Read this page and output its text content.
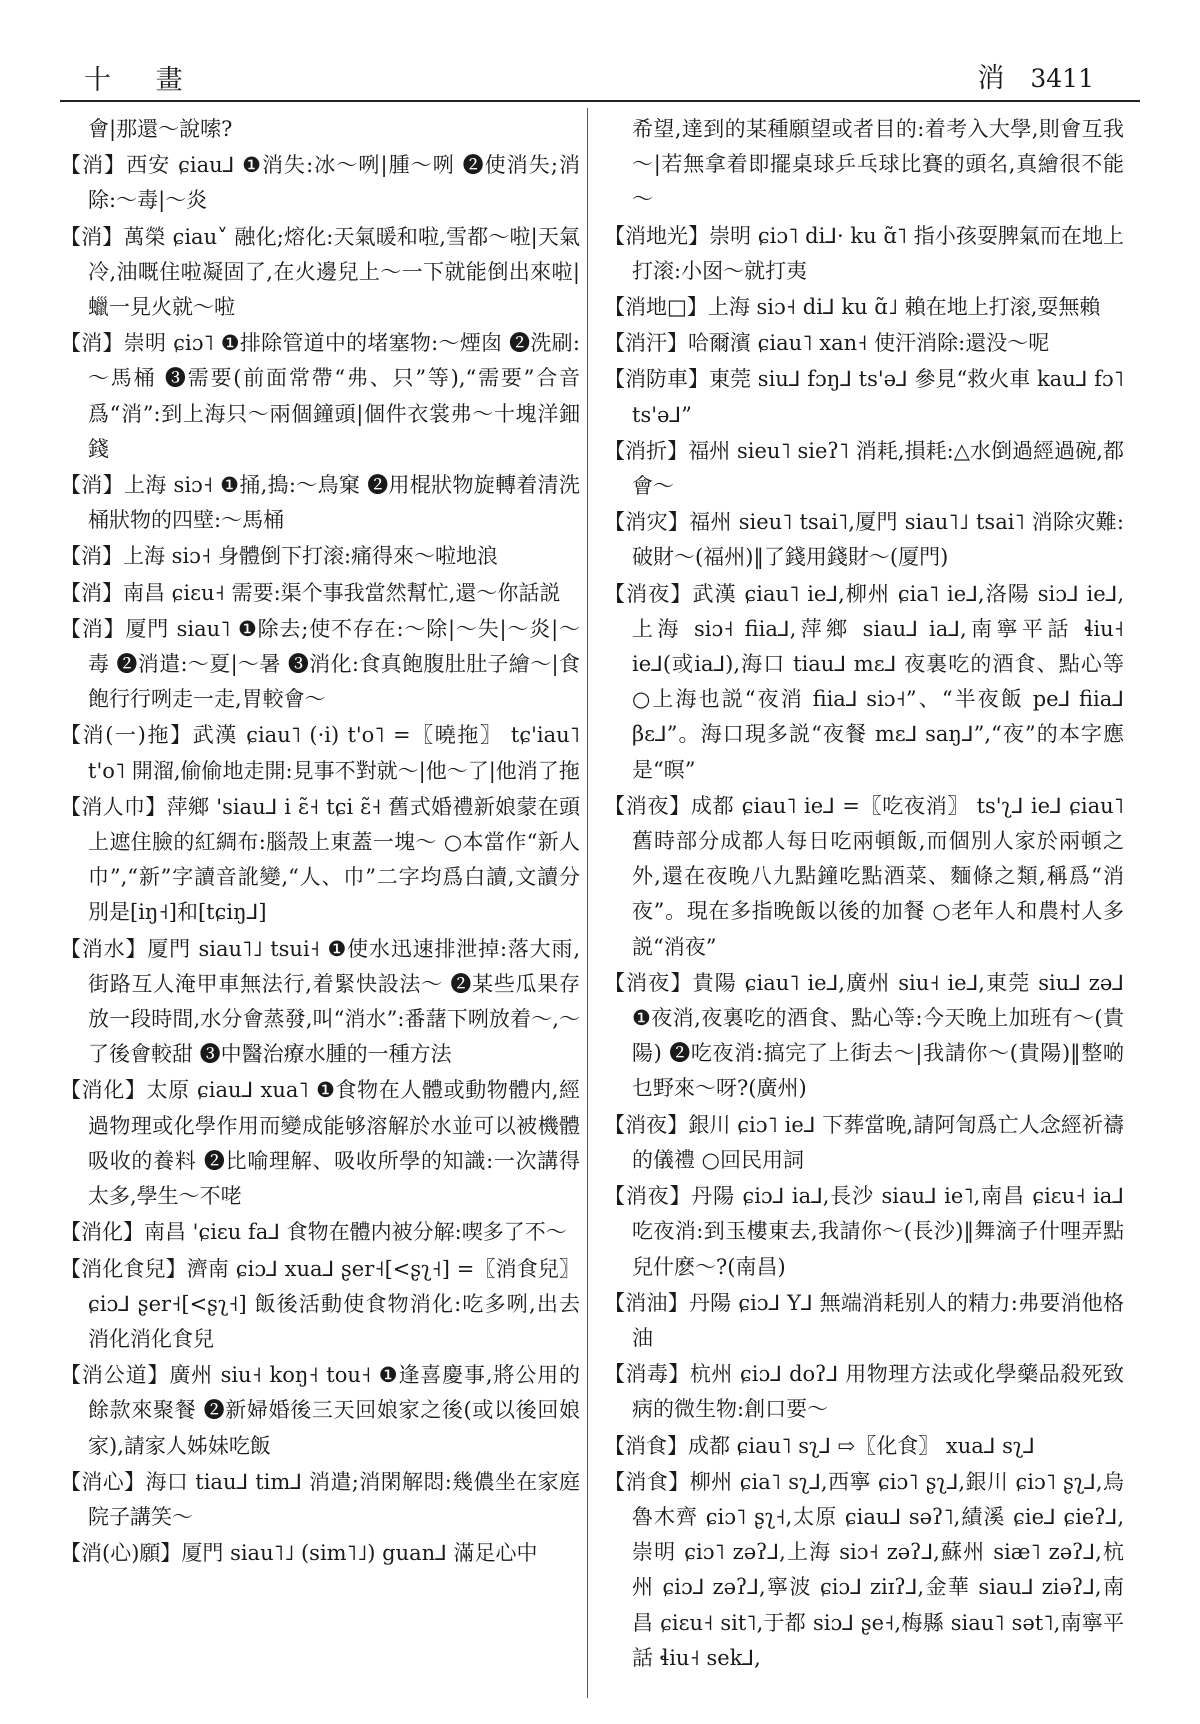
十 畫	消 3411
會|那還～說嗦?
【消】西安 ɕiau⅃ ❶消失:冰～咧|腫～咧 ❷使消失;消除:～毒|～炎
【消】萬榮 ɕiau˅ 融化;熔化:天氣暖和啦,雪都～啦|天氣冷,油嘅住啦凝固了,在火邊兒上～一下就能倒出來啦|蠟一見火就～啦
【消】崇明 ɕiɔ˥ ❶排除管道中的堵塞物:～煙囱 ❷洗刷:～馬桶 ❸需要(前面常帶“弗、只”等),“需要”合音爲“消”:到上海只～兩個鐘頭|個件衣裳弗～十塊洋鈿錢
【消】上海 siɔ˧ ❶捅,搗:～鳥窠 ❷用棍狀物旋轉着清洗桶狀物的四壁:～馬桶
【消】上海 siɔ˧ 身體倒下打滚:痛得來～啦地浪
【消】南昌 ɕiɛu˧ 需要:渠个事我當然幫忙,還～你話説
【消】厦門 siau˥ ❶除去;使不存在:～除|～失|～炎|～毒 ❷消遣:～夏|～暑 ❸消化:食真飽腹肚肚子繪～|食飽行行咧走一走,胃較會～
【消(一)拖】武漢 ɕiau˥ (·i) t'o˥ =〖曉拖〗 tɕ'iau˥ t'o˥ 開溜,偷偷地走開:見事不對就～|他～了|他消了拖
【消人巾】萍鄉 'siau⅃ i ɛ̃˧ tɕi ɛ̃˧ 舊式婚禮新娘蒙在頭上遮住臉的紅綢布:腦殼上東蓋一塊～ ○本當作“新人巾”,“新”字讀音訛變,“人、巾”二字均爲白讀,文讀分別是[iŋ˧]和[tɕiŋ⅃]
【消水】厦門 siau˥˩ tsui˧ ❶使水迅速排泄掉:落大雨,街路互人淹甲車無法行,着緊快設法～ ❷某些瓜果存放一段時間,水分會蒸發,叫“消水”:番藷下咧放着～,～了後會較甜 ❸中醫治療水腫的一種方法
【消化】太原 ɕiau⅃ xua˥ ❶食物在人體或動物體内,經過物理或化學作用而變成能够溶解於水並可以被機體吸收的養料 ❷比喻理解、吸收所學的知識:一次講得太多,學生～不咾
【消化】南昌 'ɕiɛu fa⅃ 食物在體内被分解:喫多了不～
【消化食兒】濟南 ɕiɔ⅃ xua⅃ ʂer˧[<ʂʅ˧] =〖消食兒〗 ɕiɔ⅃ ʂer˧[<ʂʅ˧] 飯後活動使食物消化:吃多咧,出去消化消化食兒
【消公道】廣州 siu˧ koŋ˧ tou˧ ❶逢喜慶事,將公用的餘款來聚餐 ❷新婦婚後三天回娘家之後(或以後回娘家),請家人姊妹吃飯
【消心】海口 tiau⅃ tim⅃ 消遣;消閑解悶:幾儂坐在家庭院子講笑～
【消(心)願】厦門 siau˥˩ (sim˥˩) guan⅃ 滿足心中
希望,達到的某種願望或者目的:着考入大學,則會互我～|若無拿着即擺桌球乒乓球比賽的頭名,真繪很不能～
【消地光】崇明 ɕiɔ˥ di⅃· ku ɑ̃˥ 指小孩耍脾氣而在地上打滚:小囡～就打夷
【消地□】上海 siɔ˧ di⅃ ku ɑ̃˩ 賴在地上打滚,耍無賴
【消汗】哈爾濱 ɕiau˥ xan˧ 使汗消除:還没～呢
【消防車】東莞 siu⅃ fɔŋ⅃ ts'ə⅃ 參見“救火車 kau⅃ fɔ˥ ts'ə⅃”
【消折】福州 sieu˥ sieʔ˥ 消耗,損耗:△水倒過經過碗,都會～
【消灾】福州 sieu˥ tsai˥,厦門 siau˥˩ tsai˥ 消除灾難:破財～(福州)‖了錢用錢財～(厦門)
【消夜】武漢 ɕiau˥ ie⅃,柳州 ɕia˥ ie⅃,洛陽 siɔ⅃ ie⅃,上海 siɔ˧ fiia⅃,萍鄉 siau⅃ ia⅃,南寧平話 ɬiu˧ ie⅃(或ia⅃),海口 tiau⅃ mɛ⅃ 夜裏吃的酒食、點心等 ○上海也説“夜消 fiia⅃ siɔ˧”、“半夜飯 pe⅃ fiia⅃ βɛ⅃”。海口現多説“夜餐 mɛ⅃ saŋ⅃”,“夜”的本字應是“暝”
【消夜】成都 ɕiau˥ ie⅃ =〖吃夜消〗 ts'ʅ⅃ ie⅃ ɕiau˥ 舊時部分成都人每日吃兩頓飯,而個別人家於兩頓之外,還在夜晚八九點鐘吃點酒菜、麵條之類,稱爲“消夜”。現在多指晚飯以後的加餐 ○老年人和農村人多説“消夜”
【消夜】貴陽 ɕiau˥ ie⅃,廣州 siu˧ ie⅃,東莞 siu⅃ zə⅃ ❶夜消,夜裏吃的酒食、點心等:今天晚上加班有～(貴陽) ❷吃夜消:搞完了上街去～|我請你～(貴陽)‖整啲乜野來～呀?(廣州)
【消夜】銀川 ɕiɔ˥ ie⅃ 下葬當晚,請阿訇爲亡人念經祈禱的儀禮 ○回民用詞
【消夜】丹陽 ɕiɔ⅃ ia⅃,長沙 siau⅃ ie˥,南昌 ɕiɛu˧ ia⅃ 吃夜消:到玉樓東去,我請你～(長沙)‖舞滴子什哩弄點兒什麽～?(南昌)
【消油】丹陽 ɕiɔ⅃ Y⅃ 無端消耗别人的精力:弗要消他格油
【消毒】杭州 ɕiɔ⅃ doʔ⅃ 用物理方法或化學藥品殺死致病的微生物:創口要～
【消食】成都 ɕiau˥ sʅ⅃ ⇨〖化食〗 xua⅃ sʅ⅃
【消食】柳州 ɕia˥ sʅ⅃,西寧 ɕiɔ˥ ʂʅ⅃,銀川 ɕiɔ˥ ʂʅ⅃,烏魯木齊 ɕiɔ˥ ʂʅ˧,太原 ɕiau⅃ səʔ˥,績溪 ɕie⅃ ɕieʔ⅃,崇明 ɕiɔ˥ zəʔ⅃,上海 siɔ˧ zəʔ⅃,蘇州 siæ˥ zəʔ⅃,杭州 ɕiɔ⅃ zəʔ⅃,寧波 ɕiɔ⅃ ziɪʔ⅃,金華 siau⅃ ziəʔ⅃,南昌 ɕiɛu˧ sit˥,于都 siɔ⅃ ʂe˧,梅縣 siau˥ sət˥,南寧平話 ɬiu˧ sek⅃,
